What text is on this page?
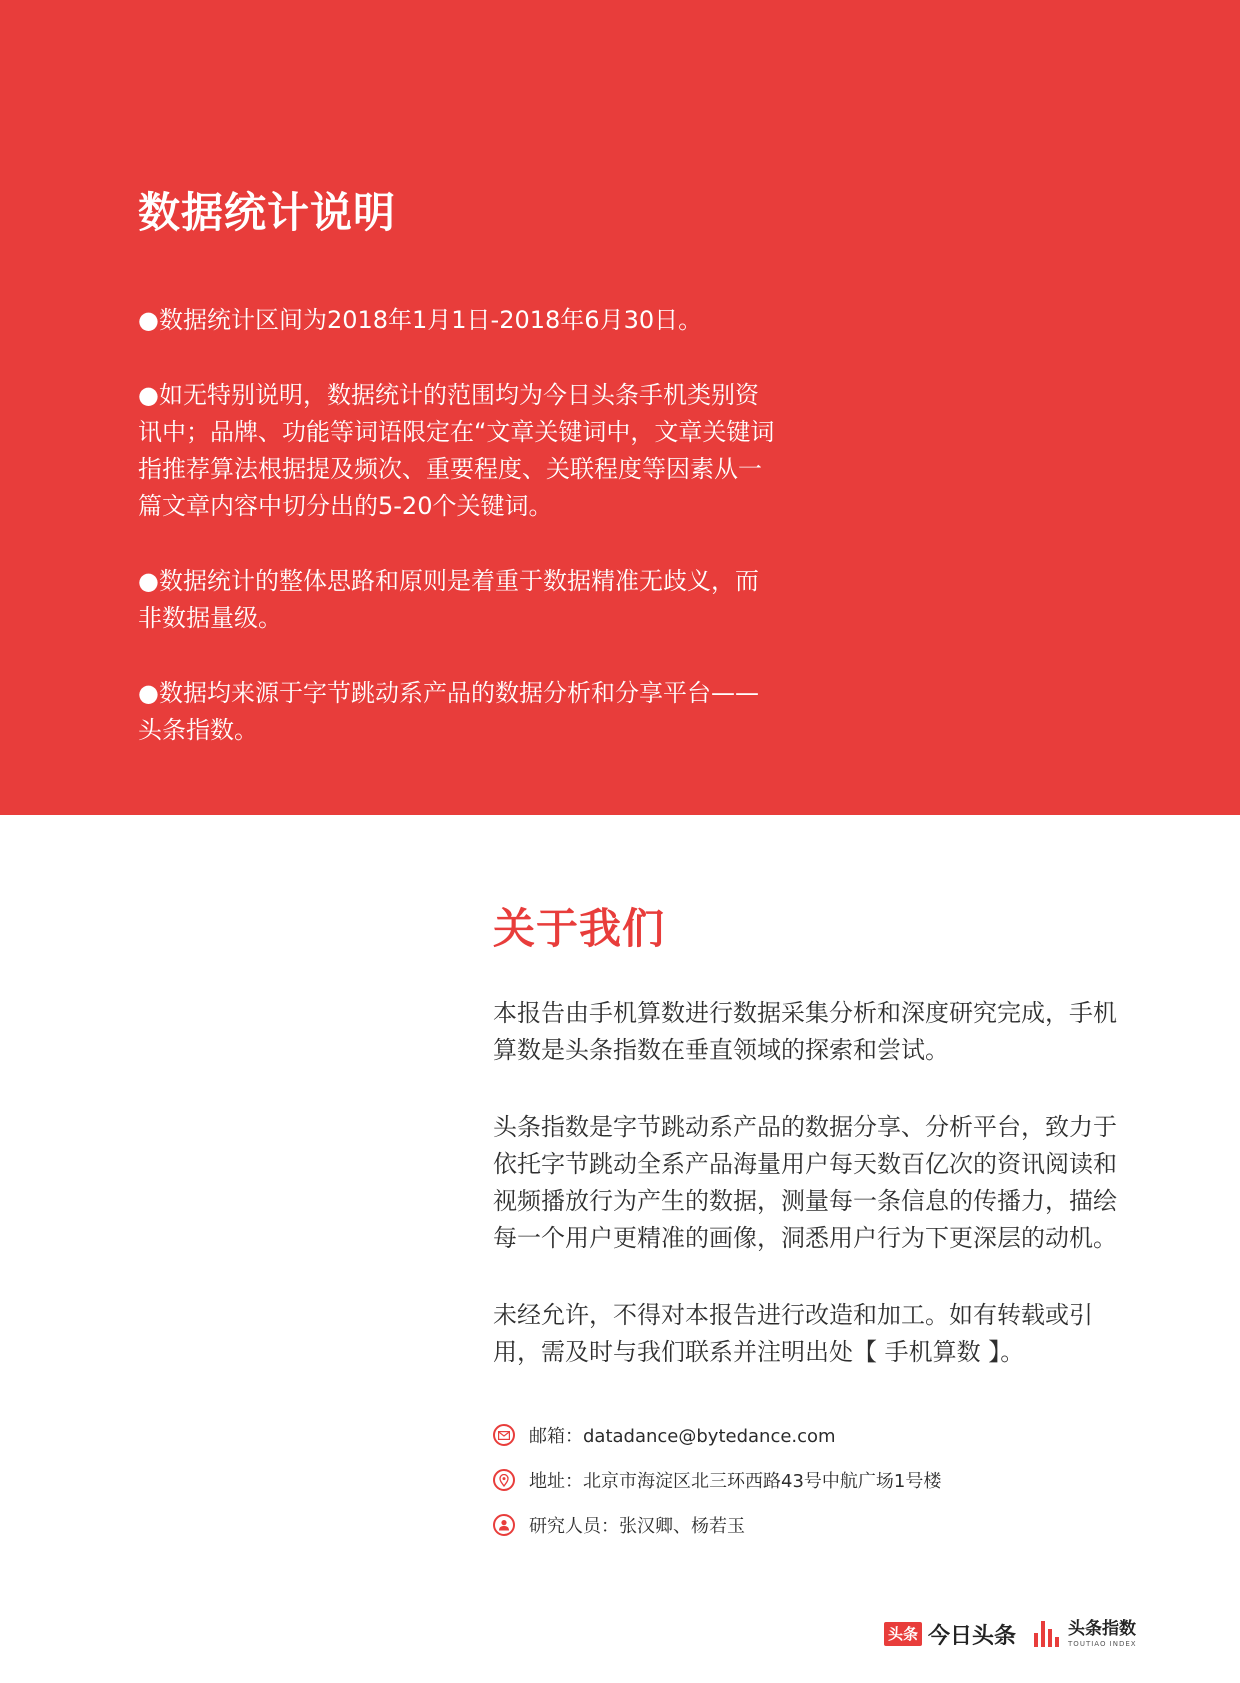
数据统计说明

●数据统计区间为2018年1月1日-2018年6月30日。

●如无特别说明，数据统计的范围均为今日头条手机类别资讯中；品牌、功能等词语限定在“文章关键词中，文章关键词指推荐算法根据提及频次、重要程度、关联程度等因素从一篇文章内容中切分出的5-20个关键词。

●数据统计的整体思路和原则是着重于数据精准无歧义，而非数据量级。

●数据均来源于字节跳动系产品的数据分析和分享平台——头条指数。

关于我们

本报告由手机算数进行数据采集分析和深度研究完成，手机算数是头条指数在垂直领域的探索和尝试。

头条指数是字节跳动系产品的数据分享、分析平台，致力于依托字节跳动全系产品海量用户每天数百亿次的资讯阅读和视频播放行为产生的数据，测量每一条信息的传播力，描绘每一个用户更精准的画像，洞悉用户行为下更深层的动机。

未经允许，不得对本报告进行改造和加工。如有转载或引用，需及时与我们联系并注明出处【 手机算数 】。

邮箱：datadance@bytedance.com
地址：北京市海淀区北三环西路43号中航广场1号楼
研究人员：张汉卿、杨若玉
头条 今日头条	头条指数
TOUTIAO INDEX
